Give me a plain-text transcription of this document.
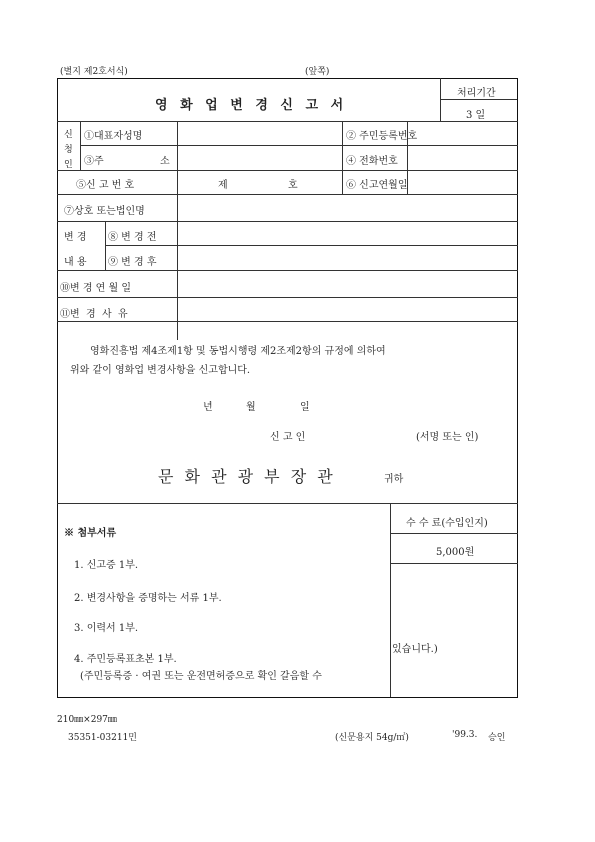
(별지 제2호서식)	(앞쪽)
영 화 업 변 경 신 고 서
처리기간
3 일
신
청
인
①대표자성명	② 주민등록번호
③주	소	④ 전화번호
⑤신 고 번 호	제	호	⑥ 신고연월일
⑦상호 또는법인명
변 경
내 용
⑧ 변 경 전
⑨ 변 경 후
⑩변 경 연 월 일
⑪변  경  사  유
영화진흥법 제4조제1항 및 동법시행령 제2조제2항의 규정에 의하여
위와 같이 영화업 변경사항을 신고합니다.
년	월	일
신 고 인	(서명 또는 인)
문 화 관 광 부 장 관	귀하
※ 첨부서류
1. 신고증 1부.
2. 변경사항을 증명하는 서류 1부.
3. 이력서 1부.
4. 주민등록표초본 1부.
(주민등록증 · 여권 또는 운전면허증으로 확인 갈음할 수
수 수 료(수입인지)
5,000원
있습니다.)
210㎜×297㎜
35351-03211민	(신문용지 54g/㎡)	'99.3. 승인
